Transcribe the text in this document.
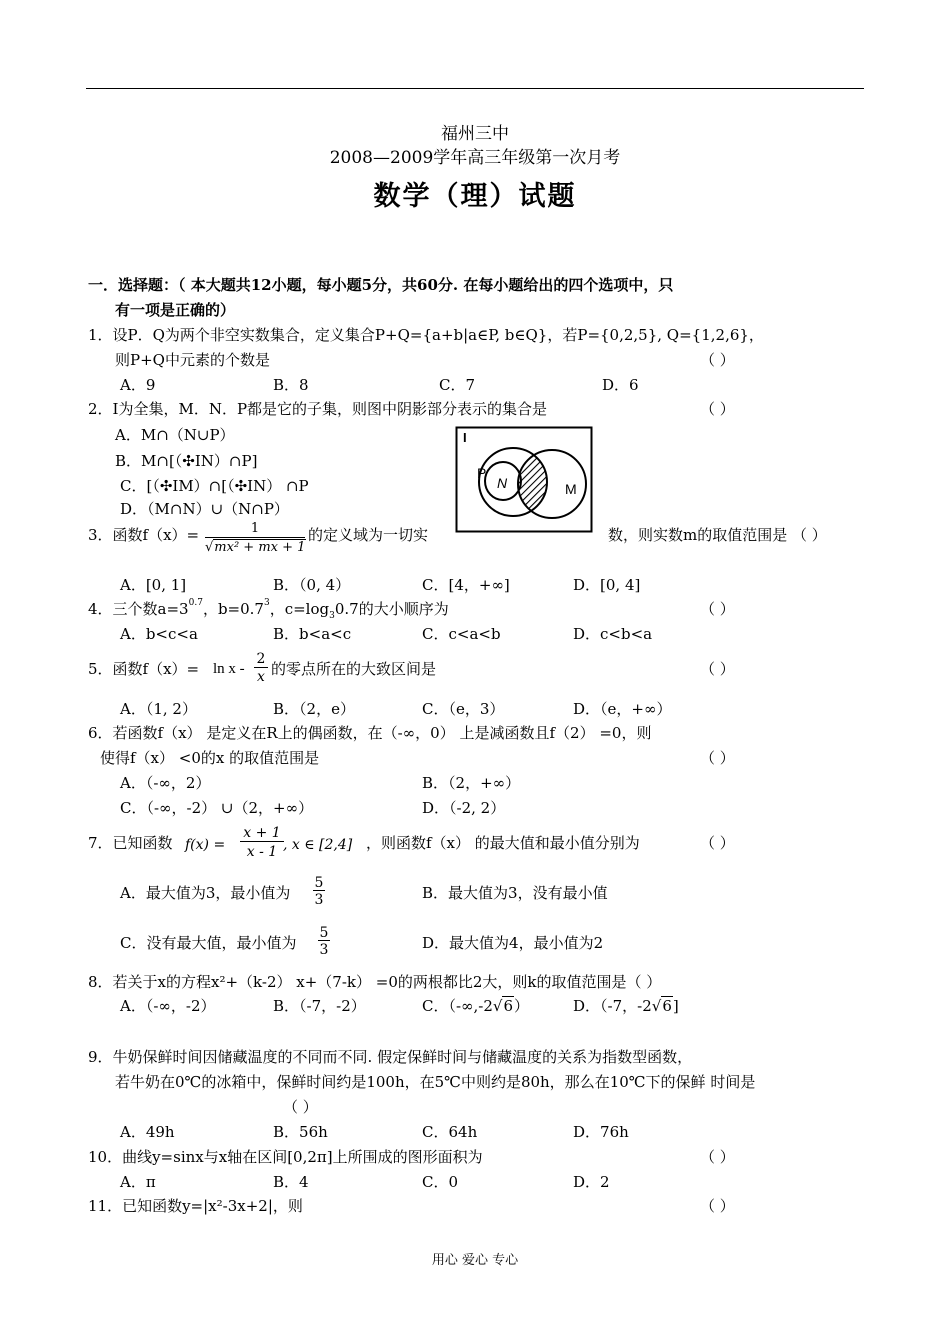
福州三中
2008—2009学年高三年级第一次月考
数学（理）试题
一．选择题：（ 本大题共12小题，每小题5分，共60分. 在每小题给出的四个选项中，只
有一项是正确的）
1．设P．Q为两个非空实数集合，定义集合P+Q={a+b|a∈P, b∈Q}，若P={0,2,5}, Q={1,2,6}，
则P+Q中元素的个数是	（ ）
A．9	B．8	C．7	D．6
2．I为全集，M．N．P都是它的子集，则图中阴影部分表示的集合是	（ ）
A．M∩（N∪P）
B．M∩[（✣IN）∩P]
C．[（✣IM）∩[（✣IN） ∩P
D．（M∩N）∪（N∩P）
I
P
N	M
3．函数f（x）=	1
√mx² + mx + 1
的定义域为一切实	数，则实数m的取值范围是 （ ）
A．[0, 1]	B．（0, 4）	C．[4，+∞]	D．[0, 4]
4．三个数$a=3^{0.7}$，$b=0.7^3$，$c=\log_30.7$的大小顺序为	（ ）
A．b<c<a	B．b<a<c	C．c<a<b	D．c<b<a
5．函数$f(x)= \ln x - \frac{2}{x}$ 的零点所在的大致区间是	（ ）
A．（1, 2）	B．（2，e）	C．（e，3）	D．（e，+∞）
6．若函数f（x） 是定义在R上的偶函数，在（-∞，0） 上是减函数且f（2） =0，则
使得f（x） <0的x 的取值范围是	（ ）
A．（-∞，2）	B．（2，+∞）
C．（-∞，-2） ∪（2，+∞）	D．（-2, 2）
7．已知函数 $f(x) = \frac{x + 1}{x - 1}$ , x ∈ [2,4] ，则函数f（x） 的最大值和最小值分别为	（ ）
A．最大值为3，最小值为 $\frac{5}{3}$	B．最大值为3，没有最小值
C．没有最大值，最小值为 $\frac{5}{3}$	D．最大值为4，最小值为2
8．若关于x的方程x²+（k-2） x+（7-k） =0的两根都比2大，则k的取值范围是（ ）
A．（-∞，-2）	B．（-7，-2）	C．（-∞,-2√6）	D．（-7，-2√6]
9．牛奶保鲜时间因储藏温度的不同而不同. 假定保鲜时间与储藏温度的关系为指数型函数，
若牛奶在0℃的冰箱中，保鲜时间约是100h，在5℃中则约是80h，那么在10℃下的保鲜 时间是
（ ）
A．49h	B．56h	C．64h	D．76h
10．曲线y=sinx与x轴在区间[0,2π]上所围成的图形面积为	（ ）
A．π	B．4	C．0	D．2
11．已知函数y=|x²-3x+2|，则	（ ）
用心 爱心 专心
